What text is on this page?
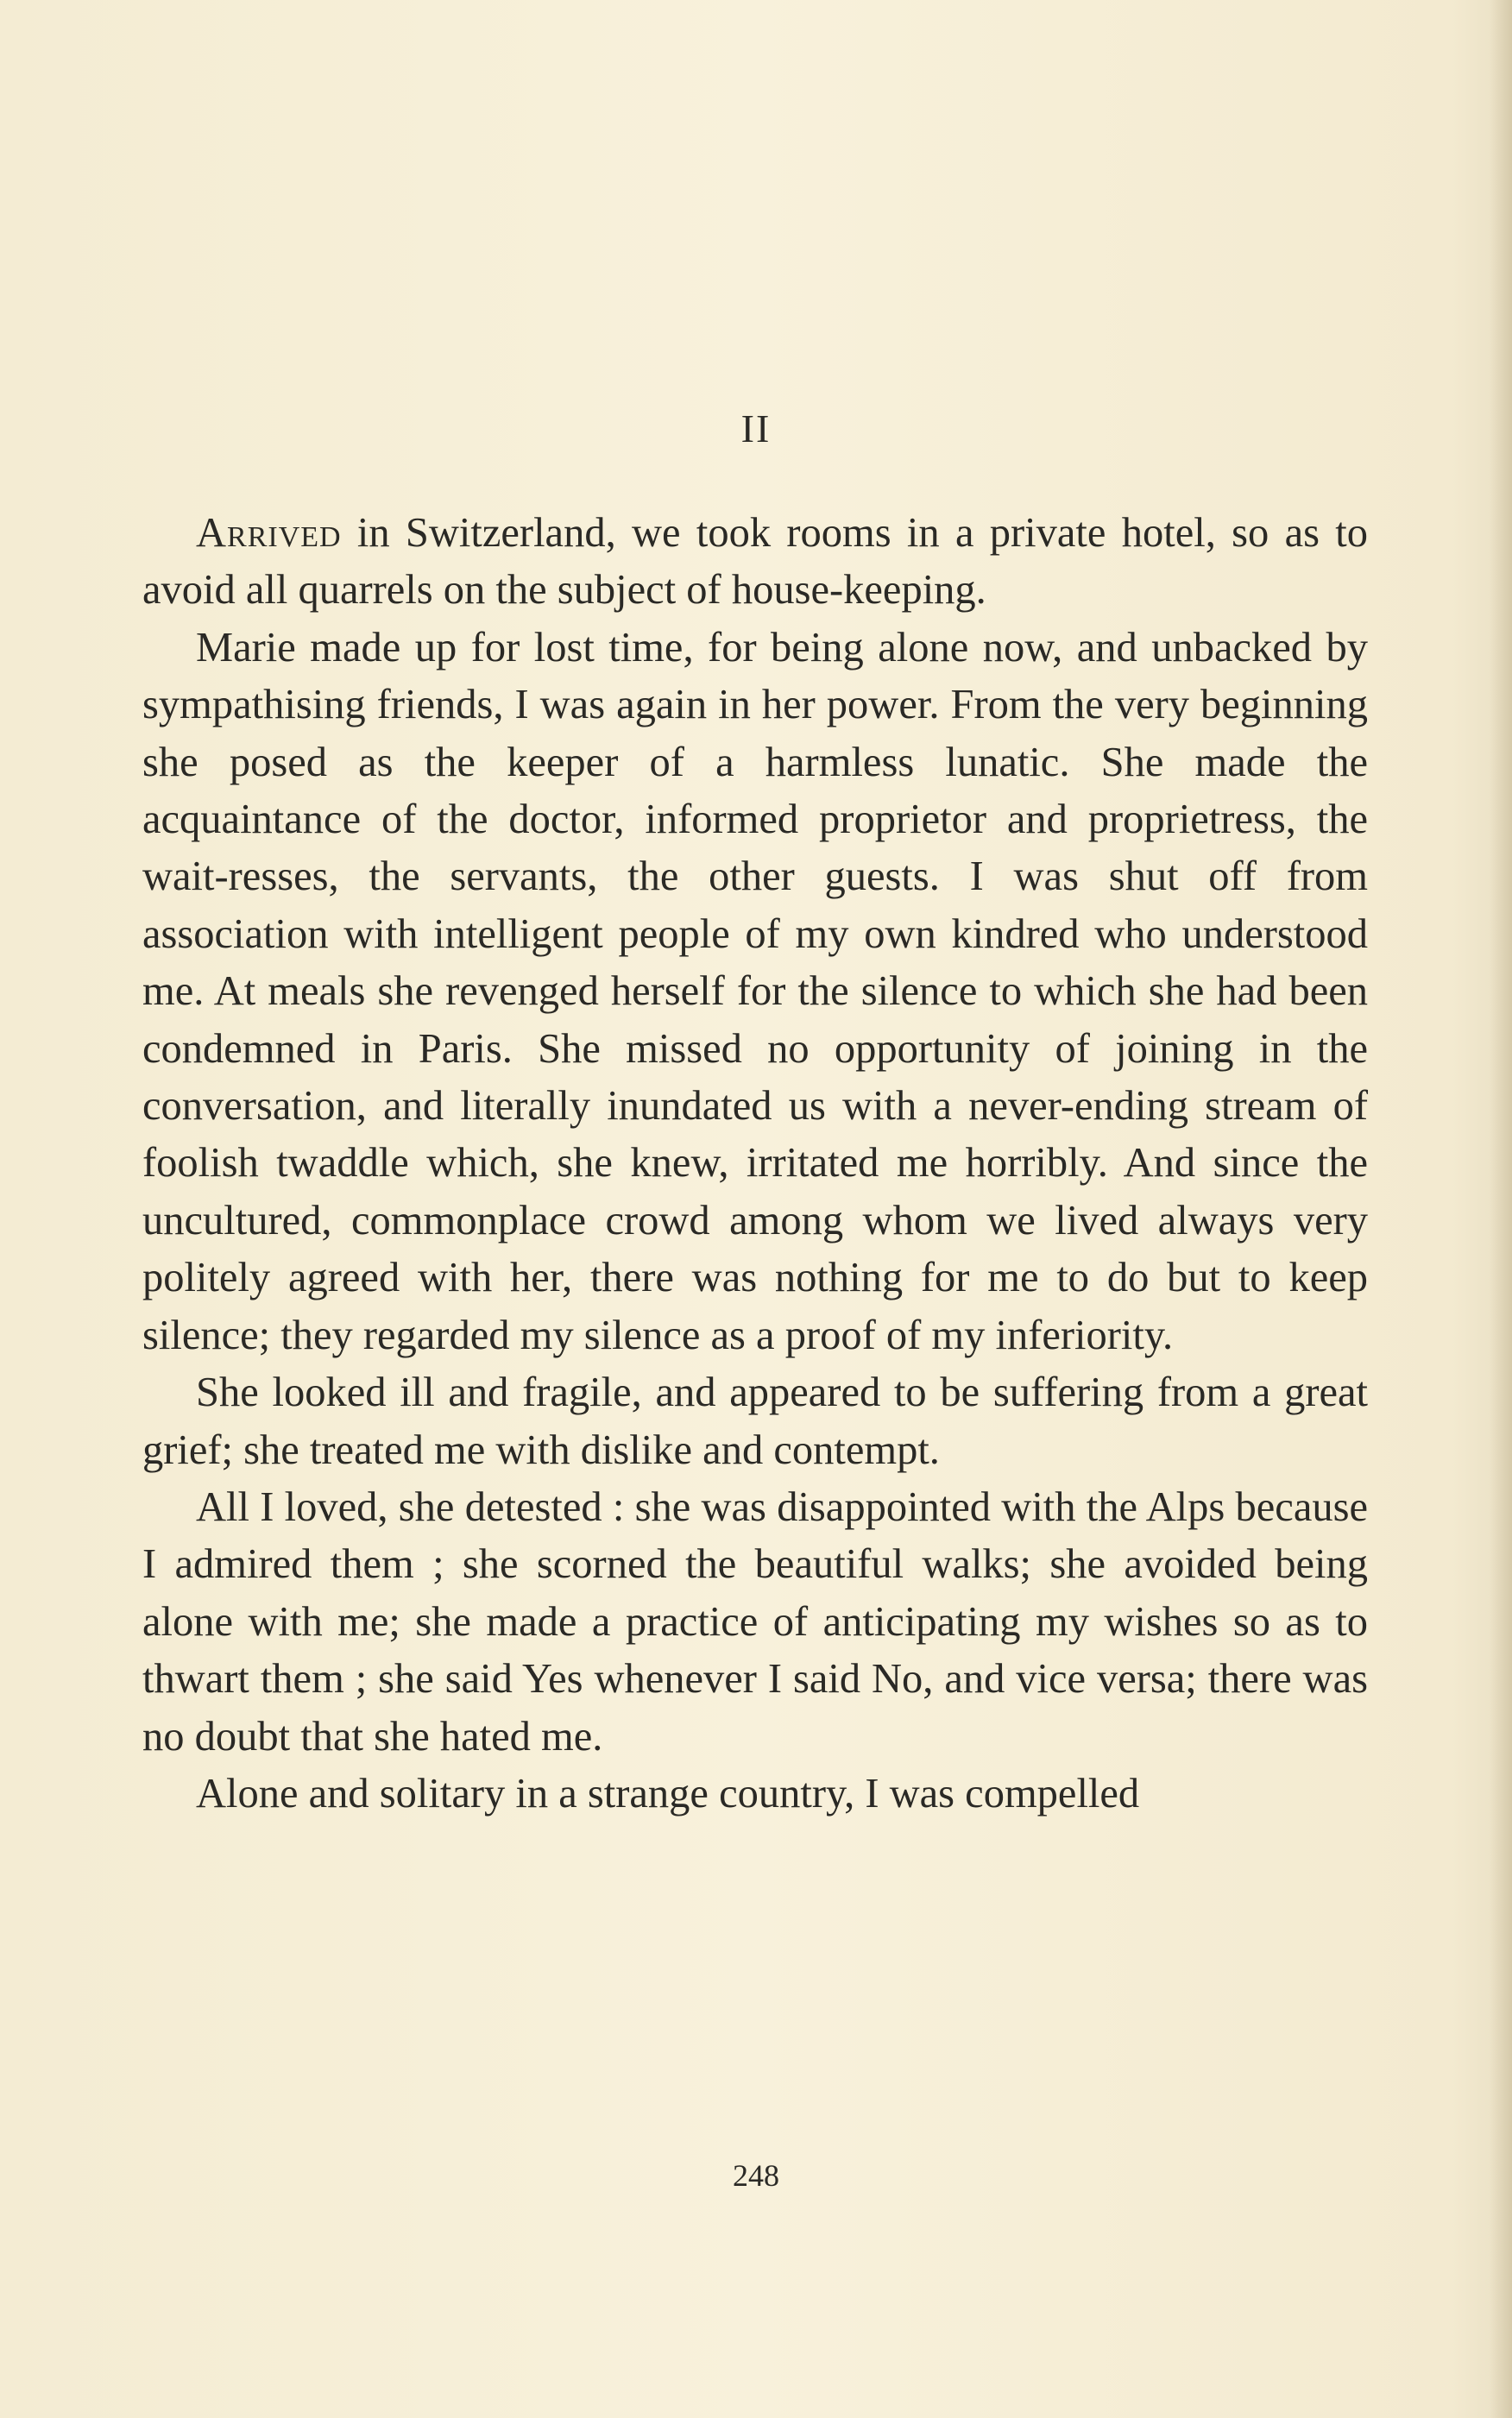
II

Arrived in Switzerland, we took rooms in a private hotel, so as to avoid all quarrels on the subject of house-keeping.

Marie made up for lost time, for being alone now, and unbacked by sympathising friends, I was again in her power. From the very beginning she posed as the keeper of a harmless lunatic. She made the acquaintance of the doctor, informed proprietor and proprietress, the wait-resses, the servants, the other guests. I was shut off from association with intelligent people of my own kindred who understood me. At meals she revenged herself for the silence to which she had been condemned in Paris. She missed no opportunity of joining in the conversation, and literally inundated us with a never-ending stream of foolish twaddle which, she knew, irritated me horribly. And since the uncultured, commonplace crowd among whom we lived always very politely agreed with her, there was nothing for me to do but to keep silence; they regarded my silence as a proof of my inferiority.

She looked ill and fragile, and appeared to be suffering from a great grief; she treated me with dislike and contempt.

All I loved, she detested : she was disappointed with the Alps because I admired them ; she scorned the beautiful walks; she avoided being alone with me; she made a practice of anticipating my wishes so as to thwart them ; she said Yes whenever I said No, and vice versa; there was no doubt that she hated me.

Alone and solitary in a strange country, I was compelled

248
